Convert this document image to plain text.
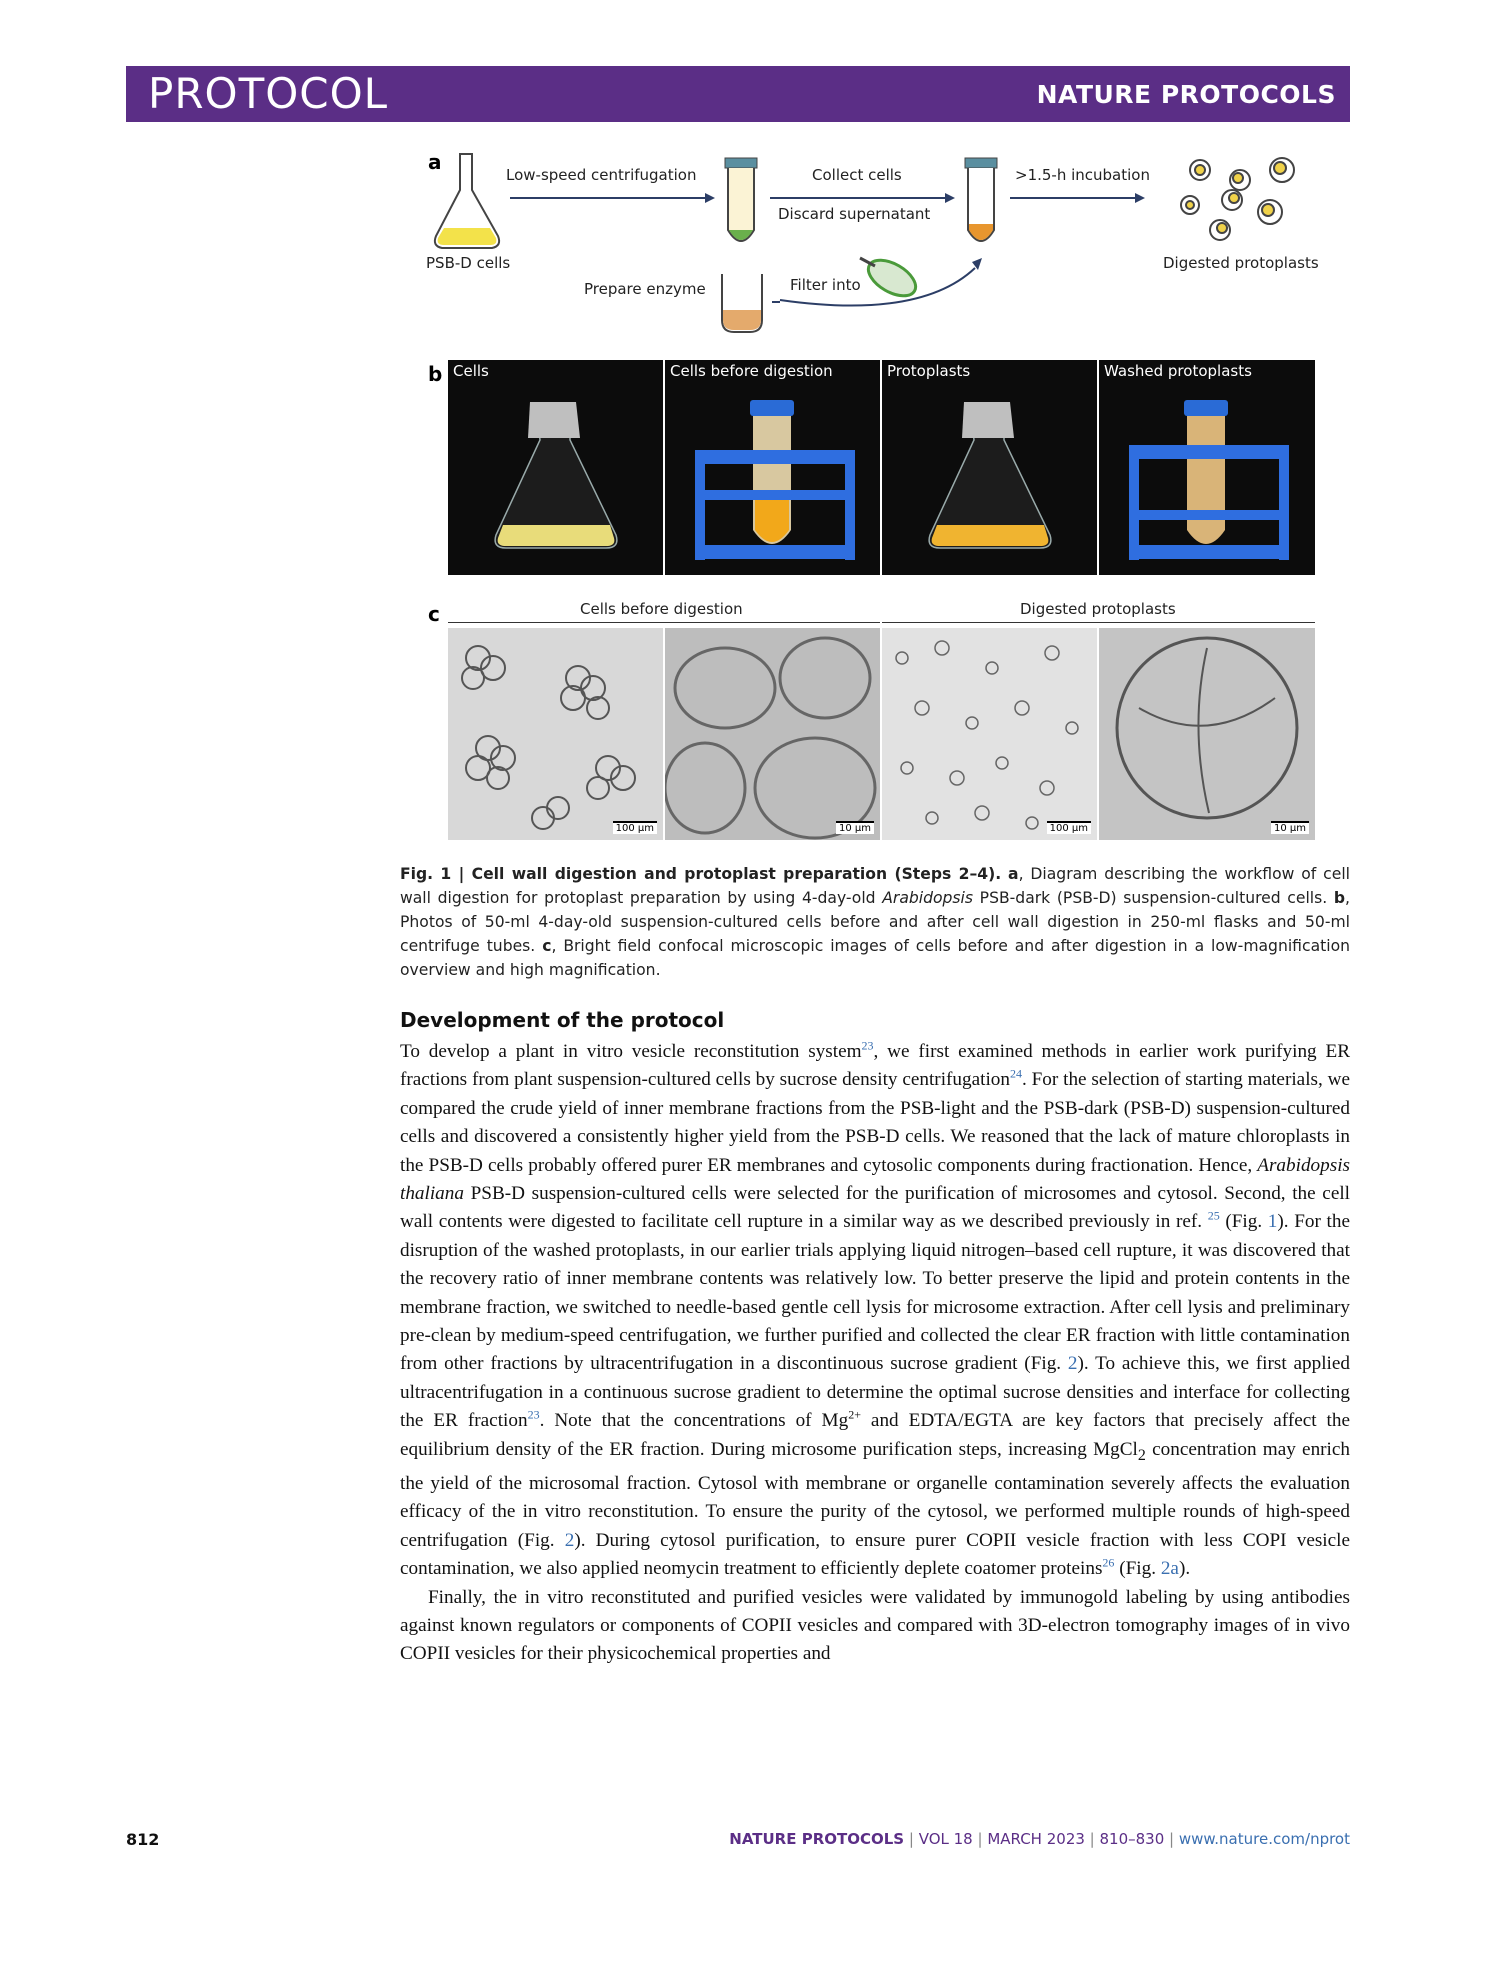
PROTOCOL	NATURE PROTOCOLS
a
Low-speed centrifugation	Collect cells
Discard supernatant
>1.5-h incubation
PSB-D cells
Prepare enzyme	Filter into
Digested protoplasts
b Cells	Cells before digestion	Protoplasts	Washed protoplasts
c	Cells before digestion	Digested protoplasts
100 μm	10 μm	100 μm	10 μm
Fig. 1 | Cell wall digestion and protoplast preparation (Steps 2–4). a, Diagram describing the workflow of cell wall digestion for protoplast preparation by using 4-day-old Arabidopsis PSB-dark (PSB-D) suspension-cultured cells. b, Photos of 50-ml 4-day-old suspension-cultured cells before and after cell wall digestion in 250-ml flasks and 50-ml centrifuge tubes. c, Bright field confocal microscopic images of cells before and after digestion in a low-magnification overview and high magnification.
Development of the protocol

To develop a plant in vitro vesicle reconstitution system$^{23}$, we first examined methods in earlier work purifying ER fractions from plant suspension-cultured cells by sucrose density centrifugation$^{24}$. For the selection of starting materials, we compared the crude yield of inner membrane fractions from the PSB-light and the PSB-dark (PSB-D) suspension-cultured cells and discovered a consistently higher yield from the PSB-D cells. We reasoned that the lack of mature chloroplasts in the PSB-D cells probably offered purer ER membranes and cytosolic components during fractionation. Hence, Arabidopsis thaliana PSB-D suspension-cultured cells were selected for the purification of microsomes and cytosol. Second, the cell wall contents were digested to facilitate cell rupture in a similar way as we described previously in ref. $^{25}$ (Fig. 1). For the disruption of the washed protoplasts, in our earlier trials applying liquid nitrogen–based cell rupture, it was discovered that the recovery ratio of inner membrane contents was relatively low. To better preserve the lipid and protein contents in the membrane fraction, we switched to needle-based gentle cell lysis for microsome extraction. After cell lysis and preliminary pre-clean by medium-speed centrifugation, we further purified and collected the clear ER fraction with little contamination from other fractions by ultracentrifugation in a discontinuous sucrose gradient (Fig. 2). To achieve this, we first applied ultracentrifugation in a continuous sucrose gradient to determine the optimal sucrose densities and interface for collecting the ER fraction$^{23}$. Note that the concentrations of $Mg^{2+}$ and EDTA/EGTA are key factors that precisely affect the equilibrium density of the ER fraction. During microsome purification steps, increasing MgCl$_2$ concentration may enrich the yield of the microsomal fraction. Cytosol with membrane or organelle contamination severely affects the evaluation efficacy of the in vitro reconstitution. To ensure the purity of the cytosol, we performed multiple rounds of high-speed centrifugation (Fig. 2). During cytosol purification, to ensure purer COPII vesicle fraction with less COPI vesicle contamination, we also applied neomycin treatment to efficiently deplete coatomer proteins$^{26}$ (Fig. 2a).

Finally, the in vitro reconstituted and purified vesicles were validated by immunogold labeling by using antibodies against known regulators or components of COPII vesicles and compared with 3D-electron tomography images of in vivo COPII vesicles for their physicochemical properties and

812	NATURE PROTOCOLS | VOL 18 | MARCH 2023 | 810–830 | www.nature.com/nprot
